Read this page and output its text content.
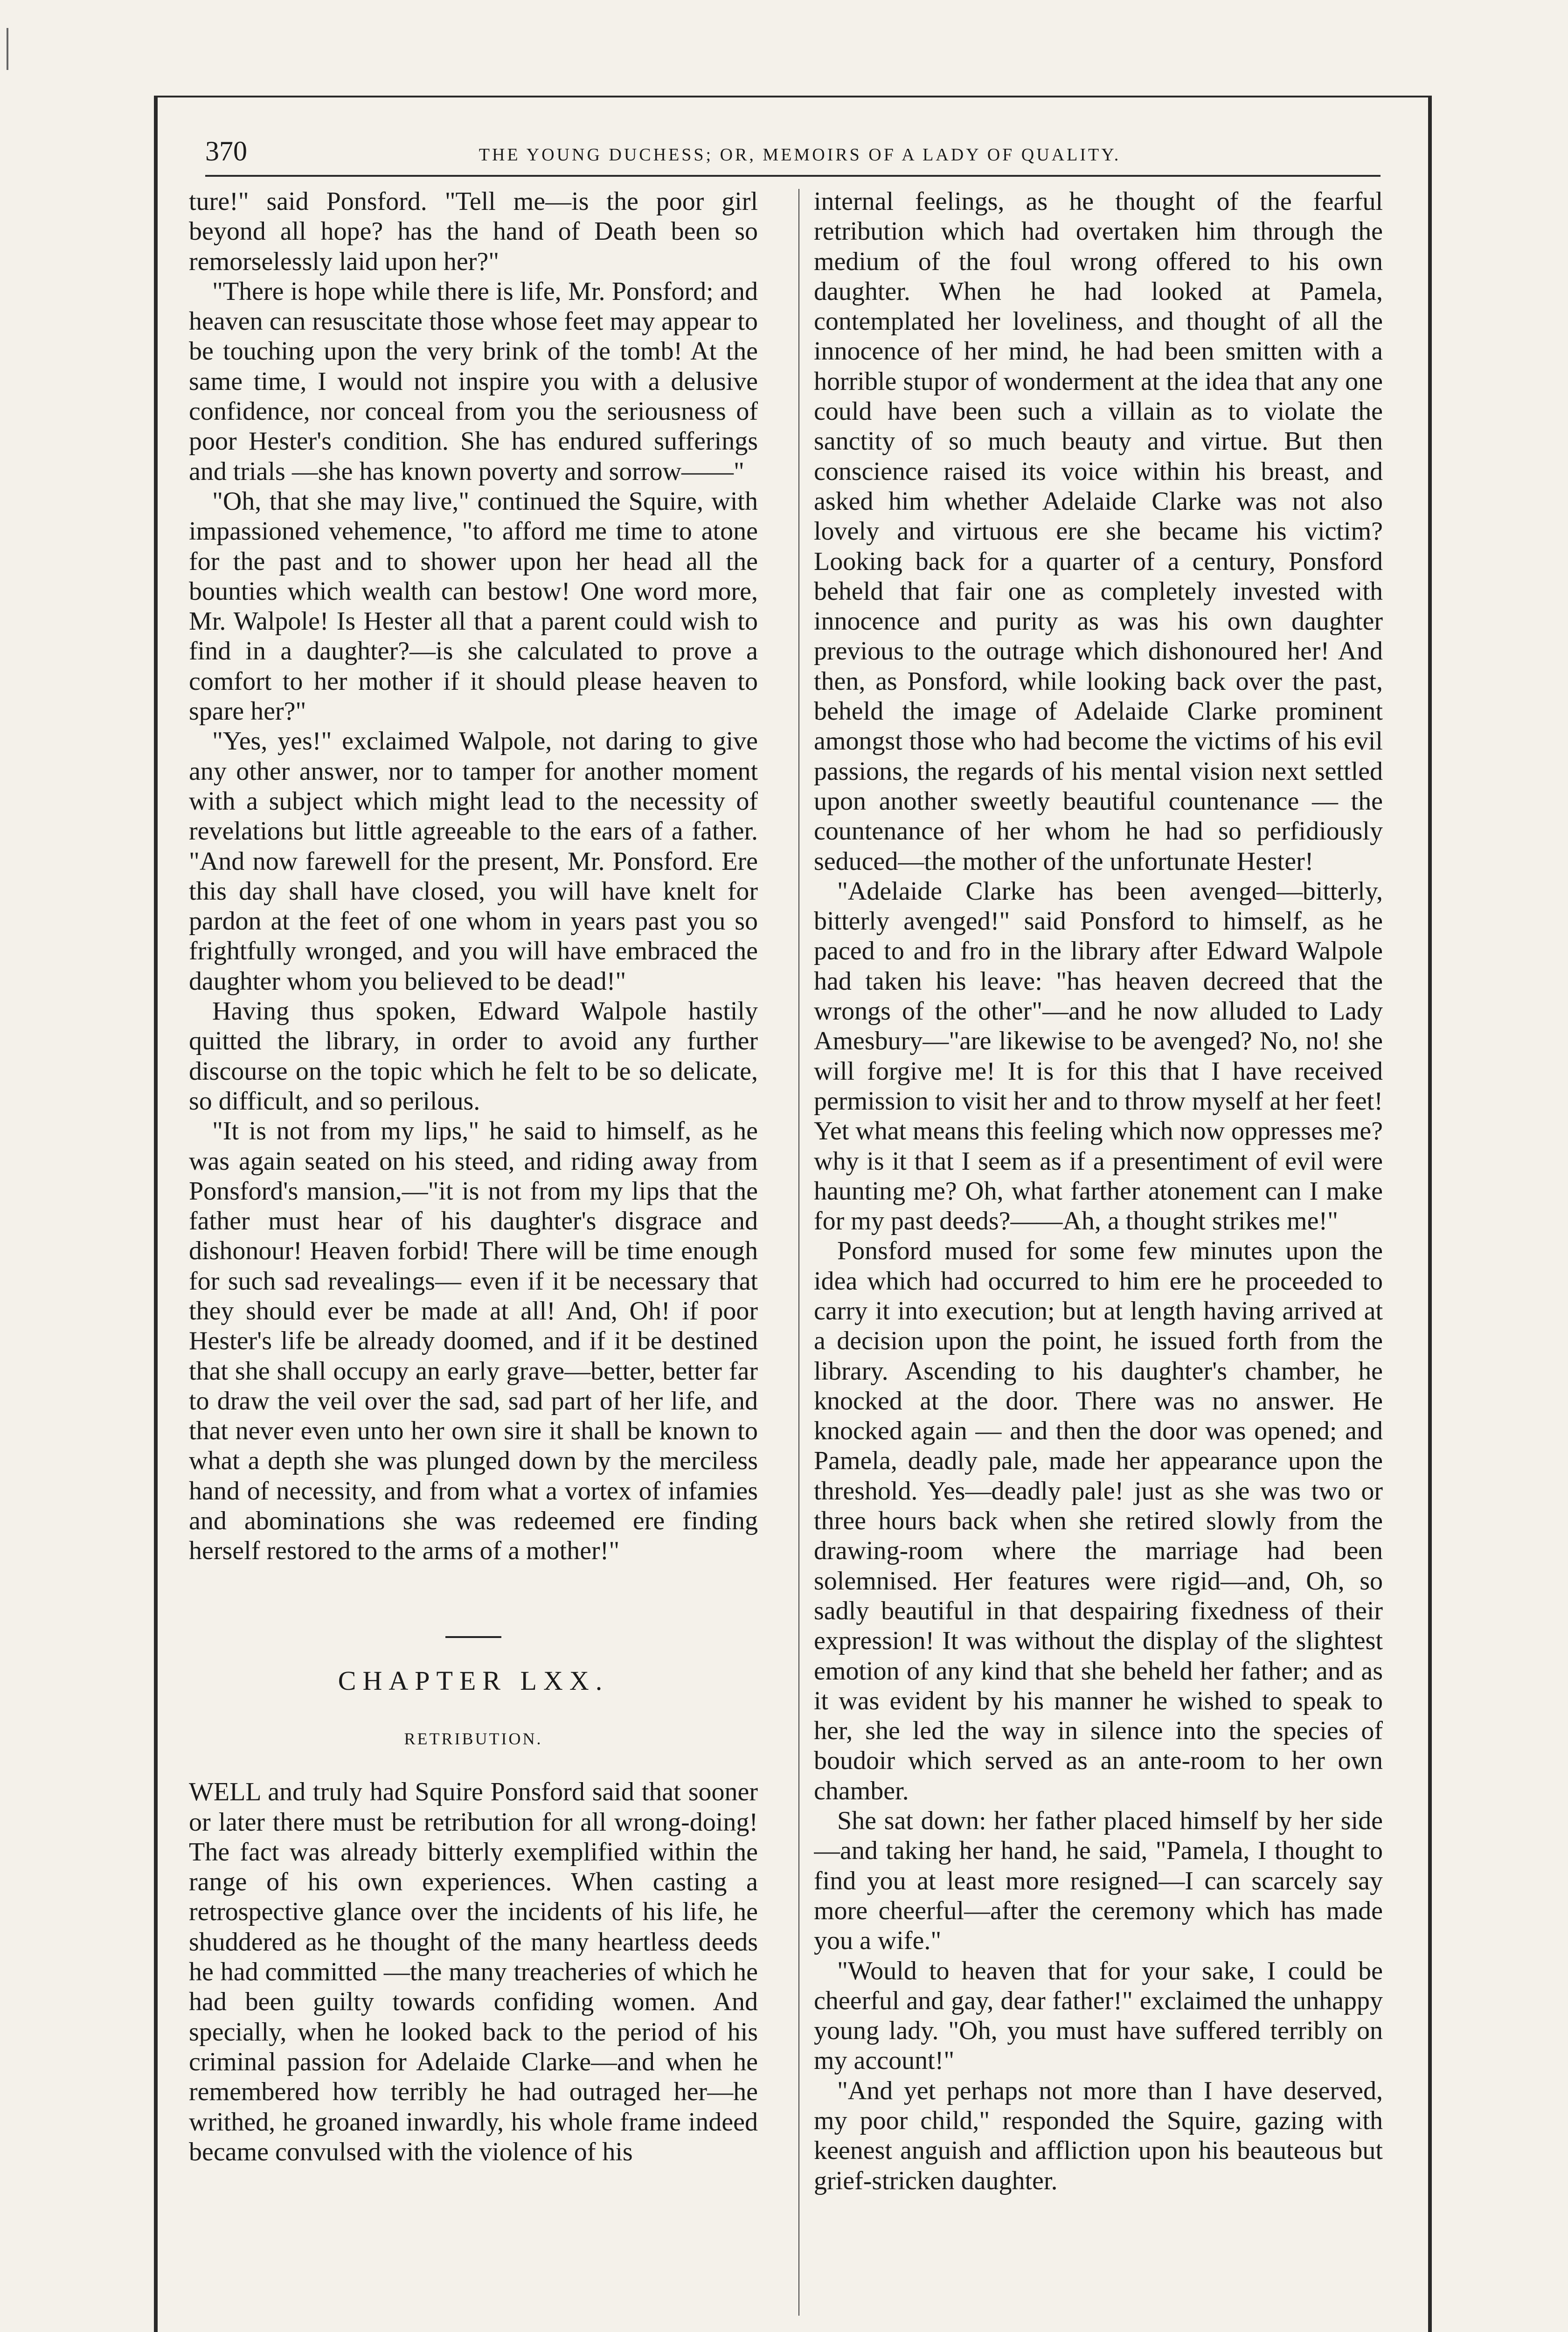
370	THE YOUNG DUCHESS; OR, MEMOIRS OF A LADY OF QUALITY.

ture!" said Ponsford. "Tell me—is the poor girl beyond all hope? has the hand of Death been so remorselessly laid upon her?"

"There is hope while there is life, Mr. Ponsford; and heaven can resuscitate those whose feet may appear to be touching upon the very brink of the tomb! At the same time, I would not inspire you with a delusive confidence, nor conceal from you the seriousness of poor Hester's condition. She has endured sufferings and trials —she has known poverty and sorrow——"

"Oh, that she may live," continued the Squire, with impassioned vehemence, "to afford me time to atone for the past and to shower upon her head all the bounties which wealth can bestow! One word more, Mr. Walpole! Is Hester all that a parent could wish to find in a daughter?—is she calculated to prove a comfort to her mother if it should please heaven to spare her?"

"Yes, yes!" exclaimed Walpole, not daring to give any other answer, nor to tamper for another moment with a subject which might lead to the necessity of revelations but little agreeable to the ears of a father. "And now farewell for the present, Mr. Ponsford. Ere this day shall have closed, you will have knelt for pardon at the feet of one whom in years past you so frightfully wronged, and you will have embraced the daughter whom you believed to be dead!"

Having thus spoken, Edward Walpole hastily quitted the library, in order to avoid any further discourse on the topic which he felt to be so delicate, so difficult, and so perilous.

"It is not from my lips," he said to himself, as he was again seated on his steed, and riding away from Ponsford's mansion,—"it is not from my lips that the father must hear of his daughter's disgrace and dishonour! Heaven forbid! There will be time enough for such sad revealings— even if it be necessary that they should ever be made at all! And, Oh! if poor Hester's life be already doomed, and if it be destined that she shall occupy an early grave—better, better far to draw the veil over the sad, sad part of her life, and that never even unto her own sire it shall be known to what a depth she was plunged down by the merciless hand of necessity, and from what a vortex of infamies and abominations she was redeemed ere finding herself restored to the arms of a mother!"

CHAPTER LXX.
RETRIBUTION.

WELL and truly had Squire Ponsford said that sooner or later there must be retribution for all wrong-doing! The fact was already bitterly exemplified within the range of his own experiences. When casting a retrospective glance over the incidents of his life, he shuddered as he thought of the many heartless deeds he had committed —the many treacheries of which he had been guilty towards confiding women. And specially, when he looked back to the period of his criminal passion for Adelaide Clarke—and when he remembered how terribly he had outraged her—he writhed, he groaned inwardly, his whole frame indeed became convulsed with the violence of his

internal feelings, as he thought of the fearful retribution which had overtaken him through the medium of the foul wrong offered to his own daughter. When he had looked at Pamela, contemplated her loveliness, and thought of all the innocence of her mind, he had been smitten with a horrible stupor of wonderment at the idea that any one could have been such a villain as to violate the sanctity of so much beauty and virtue. But then conscience raised its voice within his breast, and asked him whether Adelaide Clarke was not also lovely and virtuous ere she became his victim? Looking back for a quarter of a century, Ponsford beheld that fair one as completely invested with innocence and purity as was his own daughter previous to the outrage which dishonoured her! And then, as Ponsford, while looking back over the past, beheld the image of Adelaide Clarke prominent amongst those who had become the victims of his evil passions, the regards of his mental vision next settled upon another sweetly beautiful countenance — the countenance of her whom he had so perfidiously seduced—the mother of the unfortunate Hester!

"Adelaide Clarke has been avenged—bitterly, bitterly avenged!" said Ponsford to himself, as he paced to and fro in the library after Edward Walpole had taken his leave: "has heaven decreed that the wrongs of the other"—and he now alluded to Lady Amesbury—"are likewise to be avenged? No, no! she will forgive me! It is for this that I have received permission to visit her and to throw myself at her feet! Yet what means this feeling which now oppresses me? why is it that I seem as if a presentiment of evil were haunting me? Oh, what farther atonement can I make for my past deeds?——Ah, a thought strikes me!"

Ponsford mused for some few minutes upon the idea which had occurred to him ere he proceeded to carry it into execution; but at length having arrived at a decision upon the point, he issued forth from the library. Ascending to his daughter's chamber, he knocked at the door. There was no answer. He knocked again — and then the door was opened; and Pamela, deadly pale, made her appearance upon the threshold. Yes—deadly pale! just as she was two or three hours back when she retired slowly from the drawing-room where the marriage had been solemnised. Her features were rigid—and, Oh, so sadly beautiful in that despairing fixedness of their expression! It was without the display of the slightest emotion of any kind that she beheld her father; and as it was evident by his manner he wished to speak to her, she led the way in silence into the species of boudoir which served as an ante-room to her own chamber.

She sat down: her father placed himself by her side—and taking her hand, he said, "Pamela, I thought to find you at least more resigned—I can scarcely say more cheerful—after the ceremony which has made you a wife."

"Would to heaven that for your sake, I could be cheerful and gay, dear father!" exclaimed the unhappy young lady. "Oh, you must have suffered terribly on my account!"

"And yet perhaps not more than I have deserved, my poor child," responded the Squire, gazing with keenest anguish and affliction upon his beauteous but grief-stricken daughter.
